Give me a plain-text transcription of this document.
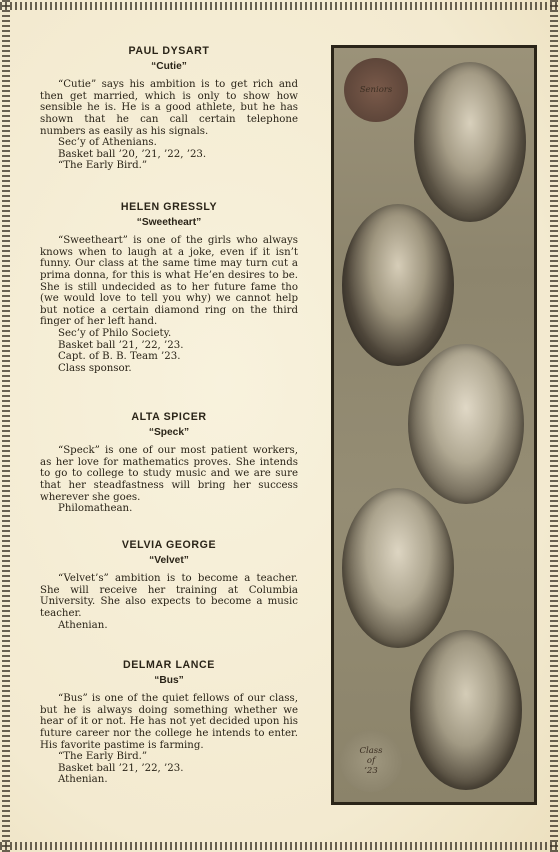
PAUL DYSART
“Cutie”

“Cutie” says his ambition is to get rich and then get married, which is only to show how sensible he is. He is a good athlete, but he has shown that he can call certain telephone numbers as easily as his signals.

Sec’y of Athenians.
Basket ball ’20, ’21, ’22, ’23.
“The Early Bird.”
HELEN GRESSLY
“Sweetheart”

“Sweetheart” is one of the girls who always knows when to laugh at a joke, even if it isn’t funny. Our class at the same time may turn cut a prima donna, for this is what He’en desires to be. She is still undecided as to her future fame tho (we would love to tell you why) we cannot help but notice a certain diamond ring on the third finger of her left hand.

Sec’y of Philo Society.
Basket ball ’21, ’22, ’23.
Capt. of B. B. Team ’23.
Class sponsor.
ALTA SPICER
“Speck”

“Speck” is one of our most patient workers, as her love for mathematics proves. She intends to go to college to study music and we are sure that her steadfastness will bring her success wherever she goes.

Philomathean.
VELVIA GEORGE
“Velvet”

“Velvet’s” ambition is to become a teacher. She will receive her training at Columbia University. She also expects to become a music teacher.

Athenian.
DELMAR LANCE
“Bus”

“Bus” is one of the quiet fellows of our class, but he is always doing something whether we hear of it or not. He has not yet decided upon his future career nor the college he intends to enter. His favorite pastime is farming.

“The Early Bird.”
Basket ball ’21, ’22, ’23.
Athenian.
Seniors
Class
of
’23
